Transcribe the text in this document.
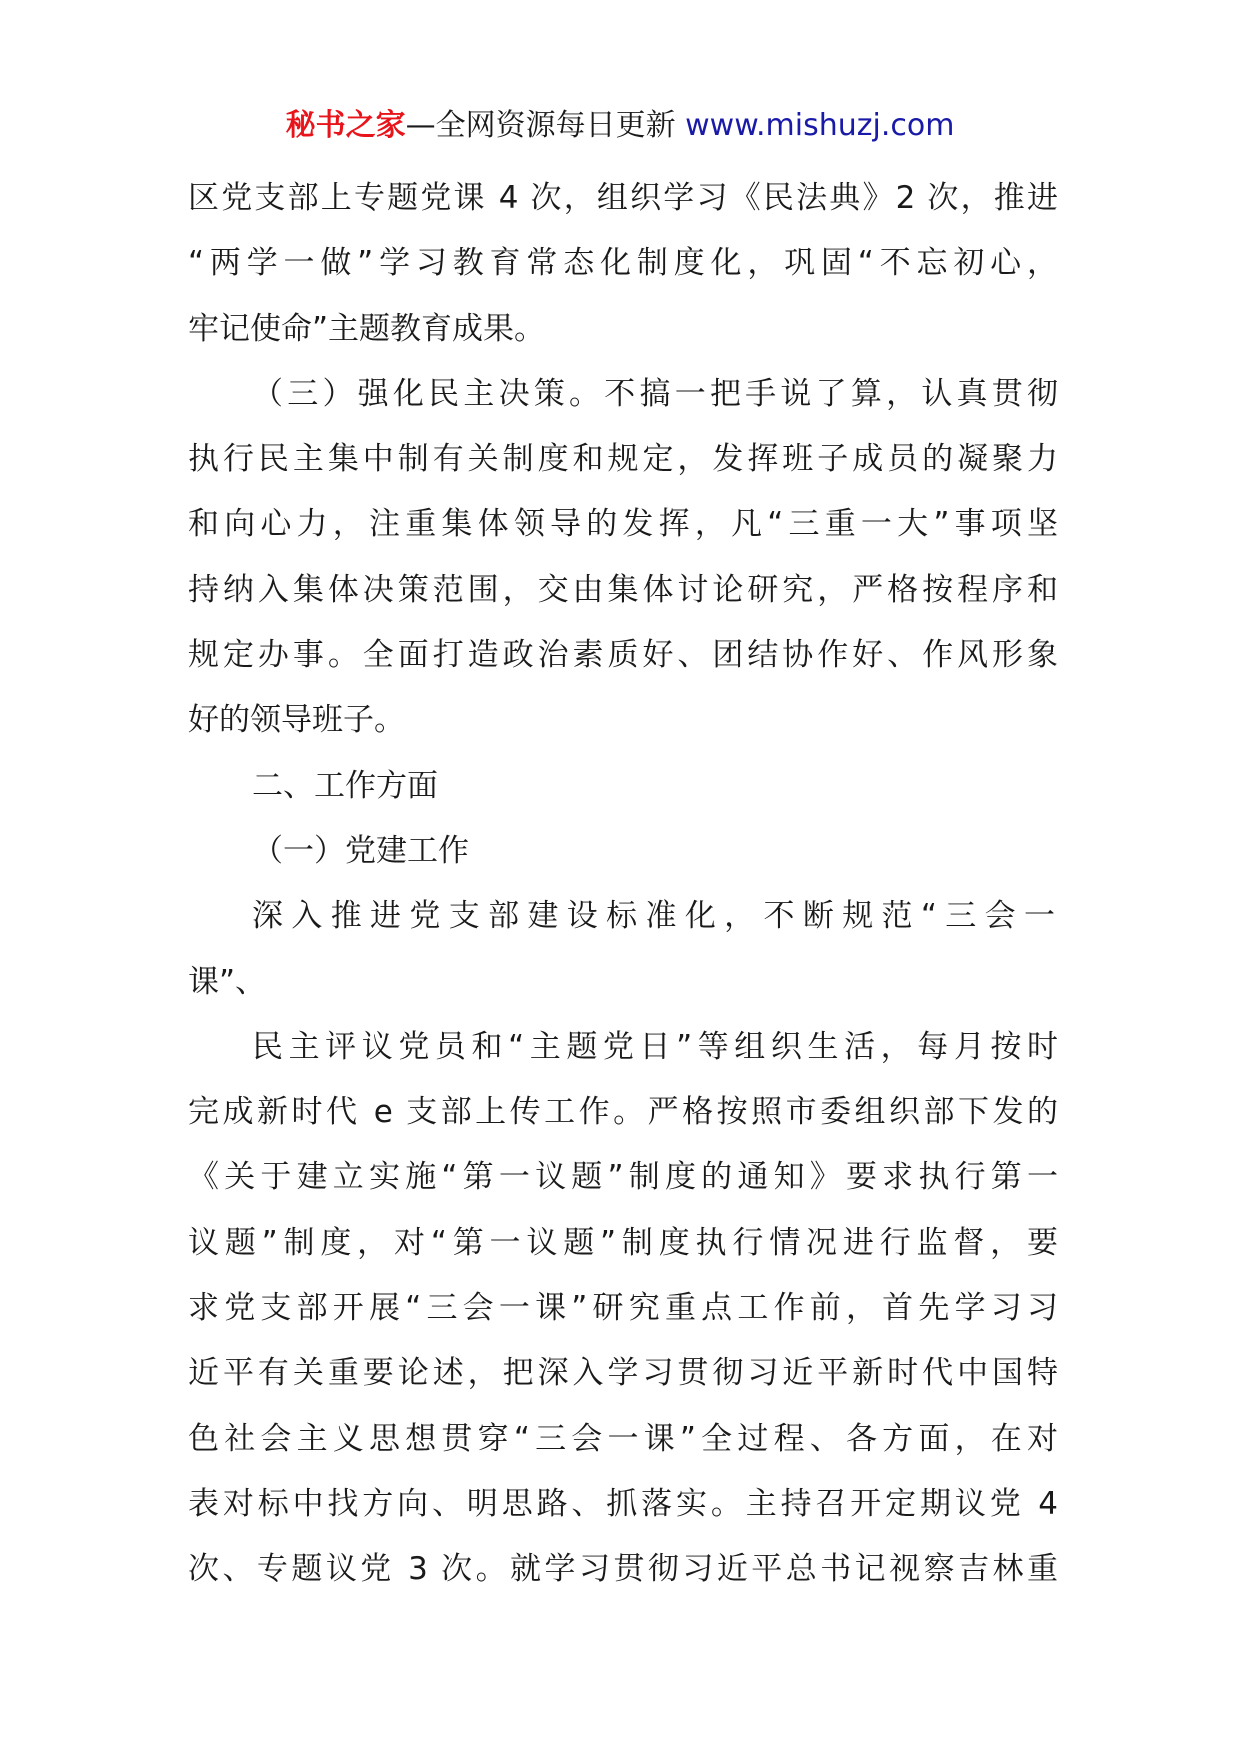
秘书之家—全网资源每日更新 www.mishuzj.com
区党支部上专题党课 4 次，组织学习《民法典》2 次，推进
“两学一做”学习教育常态化制度化，巩固“不忘初心，
牢记使命”主题教育成果。
（三）强化民主决策。不搞一把手说了算，认真贯彻
执行民主集中制有关制度和规定，发挥班子成员的凝聚力
和向心力，注重集体领导的发挥，凡“三重一大”事项坚
持纳入集体决策范围，交由集体讨论研究，严格按程序和
规定办事。全面打造政治素质好、团结协作好、作风形象
好的领导班子。
二、工作方面
（一）党建工作
深入推进党支部建设标准化，不断规范“三会一
课”、
民主评议党员和“主题党日”等组织生活，每月按时
完成新时代 e 支部上传工作。严格按照市委组织部下发的
《关于建立实施“第一议题”制度的通知》要求执行第一
议题”制度，对“第一议题”制度执行情况进行监督，要
求党支部开展“三会一课”研究重点工作前，首先学习习
近平有关重要论述，把深入学习贯彻习近平新时代中国特
色社会主义思想贯穿“三会一课”全过程、各方面，在对
表对标中找方向、明思路、抓落实。主持召开定期议党 4
次、专题议党 3 次。就学习贯彻习近平总书记视察吉林重
